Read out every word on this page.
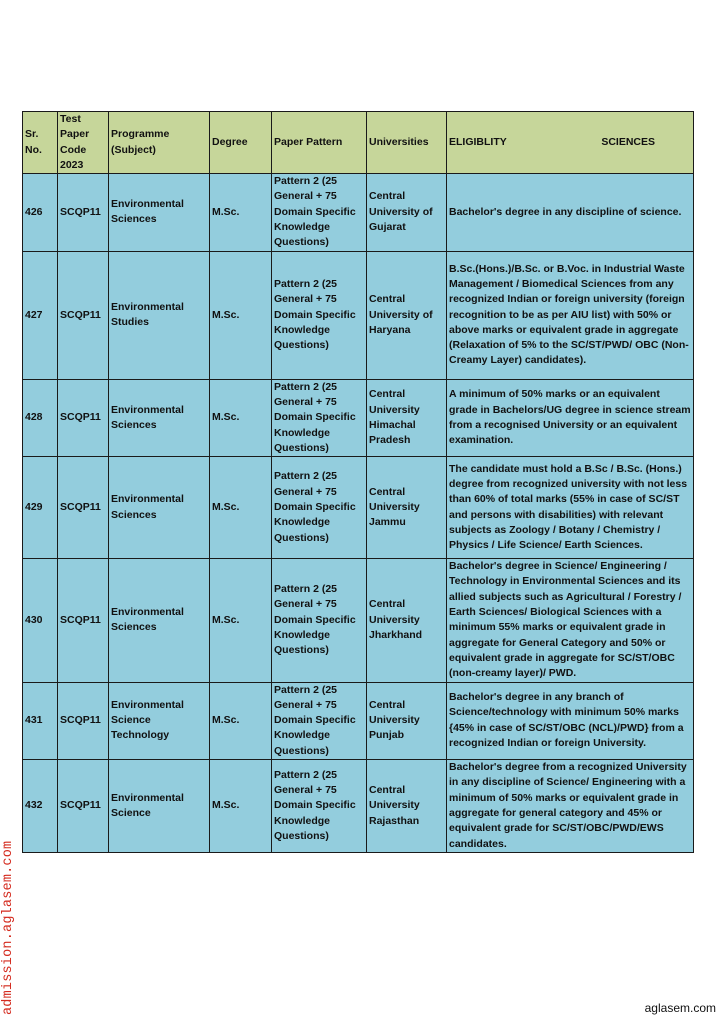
Sr. No.	Test Paper Code 2023	Programme (Subject)	Degree	Paper Pattern	Universities	ELIGIBLITY SCIENCES

426	SCQP11	Environmental Sciences	M.Sc.	Pattern 2 (25 General + 75 Domain Specific Knowledge Questions)	Central University of Gujarat	Bachelor's degree in any discipline of science.
427	SCQP11	Environmental Studies	M.Sc.	Pattern 2 (25 General + 75 Domain Specific Knowledge Questions)	Central University of Haryana	B.Sc.(Hons.)/B.Sc. or B.Voc. in Industrial Waste Management / Biomedical Sciences from any recognized Indian or foreign university (foreign recognition to be as per AIU list) with 50% or above marks or equivalent grade in aggregate (Relaxation of 5% to the SC/ST/PWD/ OBC (Non-Creamy Layer) candidates).
428	SCQP11	Environmental Sciences	M.Sc.	Pattern 2 (25 General + 75 Domain Specific Knowledge Questions)	Central University Himachal Pradesh	A minimum of 50% marks or an equivalent grade in Bachelors/UG degree in science stream from a recognised University or an equivalent examination.
429	SCQP11	Environmental Sciences	M.Sc.	Pattern 2 (25 General + 75 Domain Specific Knowledge Questions)	Central University Jammu	The candidate must hold a B.Sc / B.Sc. (Hons.) degree from recognized university with not less than 60% of total marks (55% in case of SC/ST and persons with disabilities) with relevant subjects as Zoology / Botany / Chemistry / Physics / Life Science/ Earth Sciences.
430	SCQP11	Environmental Sciences	M.Sc.	Pattern 2 (25 General + 75 Domain Specific Knowledge Questions)	Central University Jharkhand	Bachelor's degree in Science/ Engineering / Technology in Environmental Sciences and its allied subjects such as Agricultural / Forestry / Earth Sciences/ Biological Sciences with a minimum 55% marks or equivalent grade in aggregate for General Category and 50% or equivalent grade in aggregate for SC/ST/OBC (non-creamy layer)/ PWD.
431	SCQP11	Environmental Science Technology	M.Sc.	Pattern 2 (25 General + 75 Domain Specific Knowledge Questions)	Central University Punjab	Bachelor's degree in any branch of Science/technology with minimum 50% marks {45% in case of SC/ST/OBC (NCL)/PWD} from a recognized Indian or foreign University.
432	SCQP11	Environmental Science	M.Sc.	Pattern 2 (25 General + 75 Domain Specific Knowledge Questions)	Central University Rajasthan	Bachelor's degree from a recognized University in any discipline of Science/ Engineering with a minimum of 50% marks or equivalent grade in aggregate for general category and 45% or equivalent grade for SC/ST/OBC/PWD/EWS candidates.
admission.aglasem.com	aglasem.com
